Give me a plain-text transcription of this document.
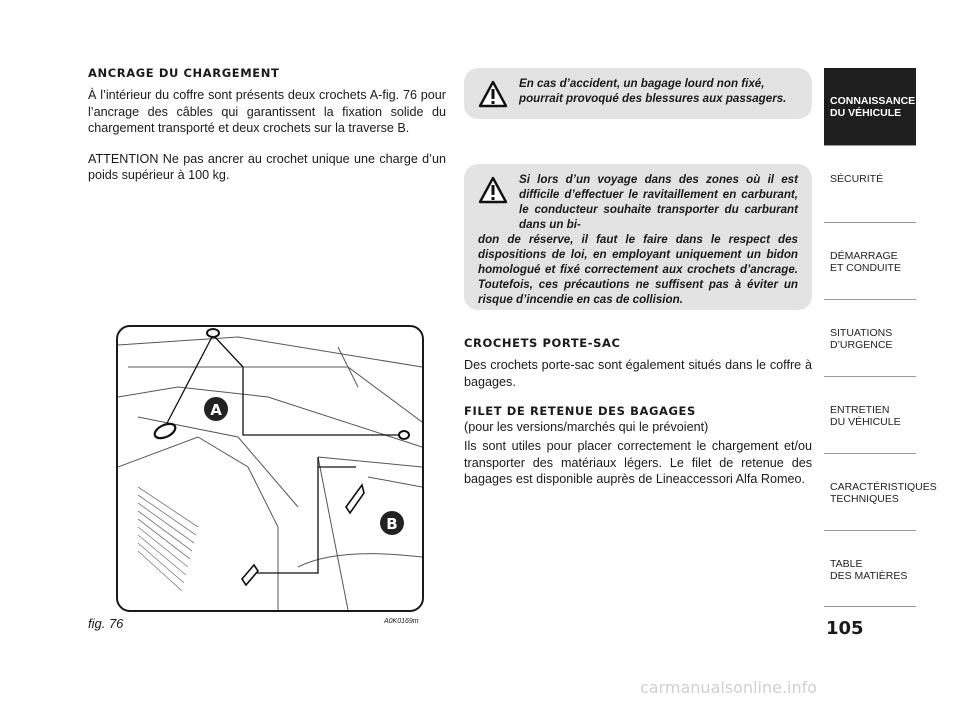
ANCRAGE DU CHARGEMENT

À l’intérieur du coffre sont présents deux crochets A-fig. 76 pour l’ancrage des câbles qui garantissent la fixation solide du chargement transporté et deux crochets sur la traverse B.

ATTENTION Ne pas ancrer au crochet unique une charge d’un poids supérieur à 100 kg.

En cas d’accident, un bagage lourd non fixé, pourrait provoqué des blessures aux passagers.

Si lors d’un voyage dans des zones où il est difficile d’effectuer le ravitaillement en carburant, le conducteur souhaite transporter du carburant dans un bi-

don de réserve, il faut le faire dans le respect des dispositions de loi, en employant uniquement un bidon homologué et fixé correctement aux crochets d’ancrage. Toutefois, ces précautions ne suffisent pas à éviter un risque d’incendie en cas de collision.

CROCHETS PORTE-SAC

Des crochets porte-sac sont également situés dans le coffre à bagages.

FILET DE RETENUE DES BAGAGES

(pour les versions/marchés qui le prévoient)

Ils sont utiles pour placer correctement le chargement et/ou transporter des matériaux légers. Le filet de retenue des bagages est disponible auprès de Lineaccessori Alfa Romeo.

A
B
fig. 76	A0K0169m
CONNAISSANCE
DU VÉHICULE
SÉCURITÉ
DÉMARRAGE
ET CONDUITE
SITUATIONS
D’URGENCE
ENTRETIEN
DU VÉHICULE
CARACTÉRISTIQUES
TECHNIQUES
TABLE
DES MATIÈRES
105
carmanualsonline.info
